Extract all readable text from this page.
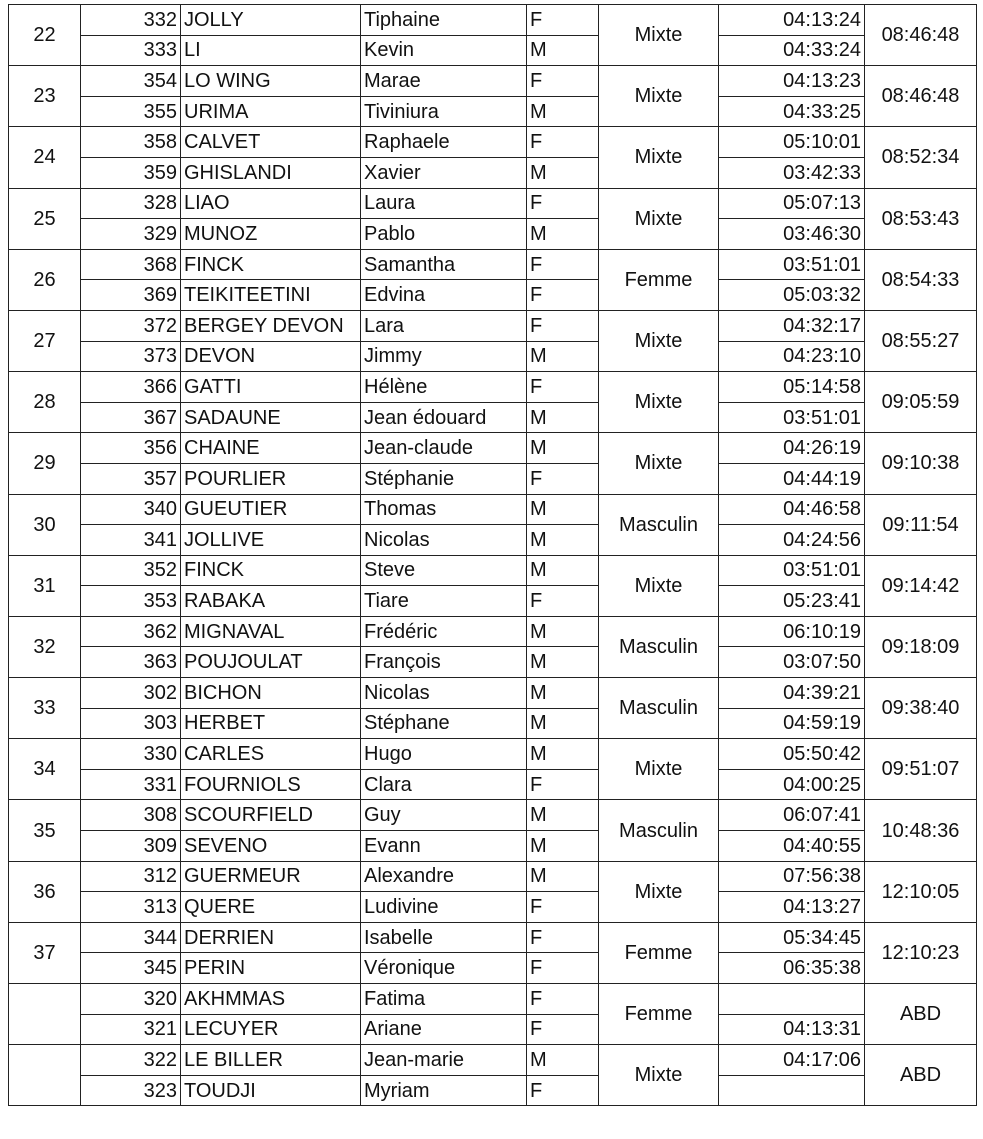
22	332	JOLLY	Tiphaine	F	Mixte	04:13:24	08:46:48
	333	LI	Kevin	M		04:33:24	
23	354	LO WING	Marae	F	Mixte	04:13:23	08:46:48
	355	URIMA	Tiviniura	M		04:33:25	
24	358	CALVET	Raphaele	F	Mixte	05:10:01	08:52:34
	359	GHISLANDI	Xavier	M		03:42:33	
25	328	LIAO	Laura	F	Mixte	05:07:13	08:53:43
	329	MUNOZ	Pablo	M		03:46:30	
26	368	FINCK	Samantha	F	Femme	03:51:01	08:54:33
	369	TEIKITEETINI	Edvina	F		05:03:32	
27	372	BERGEY DEVON	Lara	F	Mixte	04:32:17	08:55:27
	373	DEVON	Jimmy	M		04:23:10	
28	366	GATTI	Hélène	F	Mixte	05:14:58	09:05:59
	367	SADAUNE	Jean édouard	M		03:51:01	
29	356	CHAINE	Jean-claude	M	Mixte	04:26:19	09:10:38
	357	POURLIER	Stéphanie	F		04:44:19	
30	340	GUEUTIER	Thomas	M	Masculin	04:46:58	09:11:54
	341	JOLLIVE	Nicolas	M		04:24:56	
31	352	FINCK	Steve	M	Mixte	03:51:01	09:14:42
	353	RABAKA	Tiare	F		05:23:41	
32	362	MIGNAVAL	Frédéric	M	Masculin	06:10:19	09:18:09
	363	POUJOULAT	François	M		03:07:50	
33	302	BICHON	Nicolas	M	Masculin	04:39:21	09:38:40
	303	HERBET	Stéphane	M		04:59:19	
34	330	CARLES	Hugo	M	Mixte	05:50:42	09:51:07
	331	FOURNIOLS	Clara	F		04:00:25	
35	308	SCOURFIELD	Guy	M	Masculin	06:07:41	10:48:36
	309	SEVENO	Evann	M		04:40:55	
36	312	GUERMEUR	Alexandre	M	Mixte	07:56:38	12:10:05
	313	QUERE	Ludivine	F		04:13:27	
37	344	DERRIEN	Isabelle	F	Femme	05:34:45	12:10:23
	345	PERIN	Véronique	F		06:35:38	
	320	AKHMMAS	Fatima	F	Femme		ABD
	321	LECUYER	Ariane	F		04:13:31	
	322	LE BILLER	Jean-marie	M	Mixte	04:17:06	ABD
	323	TOUDJI	Myriam	F			
